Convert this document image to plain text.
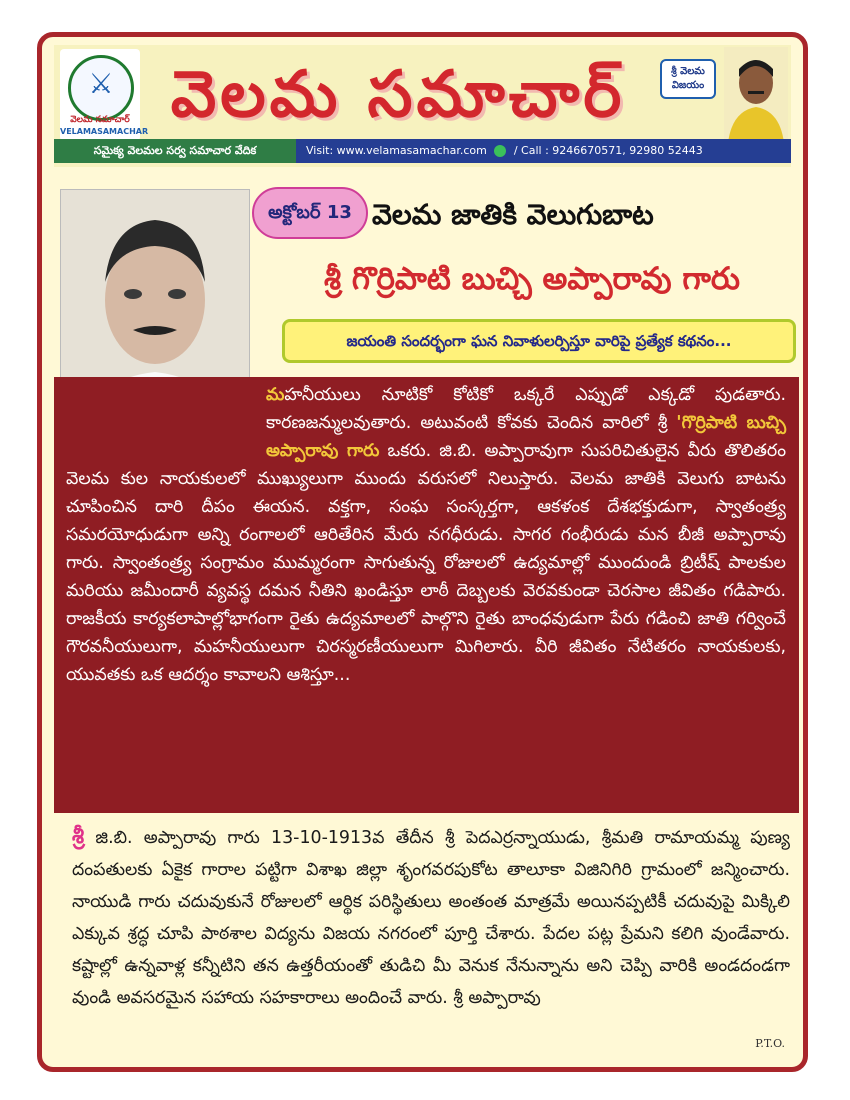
⚔
వెలమ సమాచార్
VELAMASAMACHAR వెలమ సమాచార్	శ్రీ వెలమ
విజయం
సమైక్య వెలమల సర్వ సమాచార వేదిక	Visit: www.velamasamachar.com / Call : 9246670571, 92980 52443
అక్టోబర్ 13 వెలమ జాతికి వెలుగుబాట
శ్రీ గొర్రిపాటి బుచ్చి అప్పారావు గారు
జయంతి సందర్భంగా ఘన నివాళులర్పిస్తూ వారిపై ప్రత్యేక కథనం...
మహనీయులు నూటికో కోటికో ఒక్కరే ఎప్పుడో ఎక్కడో పుడతారు. కారణజన్ములవుతారు. అటువంటి కోవకు చెందిన వారిలో శ్రీ 'గొర్రిపాటి బుచ్చి అప్పారావు గారు ఒకరు. జి.బి. అప్పారావుగా సుపరిచితులైన వీరు తొలితరం వెలమ కుల నాయకులలో ముఖ్యులుగా ముందు వరుసలో నిలుస్తారు. వెలమ జాతికి వెలుగు బాటను చూపించిన దారి దీపం ఈయన. వక్తగా, సంఘ సంస్కర్తగా, ఆకళంక దేశభక్తుడుగా, స్వాతంత్ర్య సమరయోధుడుగా అన్ని రంగాలలో ఆరితేరిన మేరు నగధీరుడు. సాగర గంభీరుడు మన బీజీ అప్పారావు గారు. స్వాంతంత్ర్య సంగ్రామం ముమ్మరంగా సాగుతున్న రోజులలో ఉద్యమాల్లో ముందుండి బ్రిటీష్ పాలకుల మరియు జమీందారీ వ్యవస్థ దమన నీతిని ఖండిస్తూ లాఠీ దెబ్బలకు వెరవకుండా చెరసాల జీవితం గడిపారు. రాజకీయ కార్యకలాపాల్లోభాగంగా రైతు ఉద్యమాలలో పాల్గొని రైతు బాంధవుడుగా పేరు గడించి జాతి గర్వించే గౌరవనీయులుగా, మహనీయులుగా చిరస్మరణీయులుగా మిగిలారు. వీరి జీవితం నేటితరం నాయకులకు, యువతకు ఒక ఆదర్శం కావాలని ఆశిస్తూ...
శ్రీ జి.బి. అప్పారావు గారు 13-10-1913వ తేదీన శ్రీ పెదఎర్రన్నాయుడు, శ్రీమతి రామాయమ్మ పుణ్య దంపతులకు ఏకైక గారాల పట్టిగా విశాఖ జిల్లా శృంగవరపుకోట తాలూకా విజినిగిరి గ్రామంలో జన్మించారు. నాయుడి గారు చదువుకునే రోజులలో ఆర్థిక పరిస్థితులు అంతంత మాత్రమే అయినప్పటికీ చదువుపై మిక్కిలి ఎక్కువ శ్రద్ధ చూపి పాఠశాల విద్యను విజయ నగరంలో పూర్తి చేశారు. పేదల పట్ల ప్రేమని కలిగి వుండేవారు. కష్టాల్లో ఉన్నవాళ్ల కన్నీటిని తన ఉత్తరీయంతో తుడిచి మీ వెనుక నేనున్నాను అని చెప్పి వారికి అండదండగా వుండి అవసరమైన సహాయ సహకారాలు అందించే వారు. శ్రీ అప్పారావు
P.T.O.
